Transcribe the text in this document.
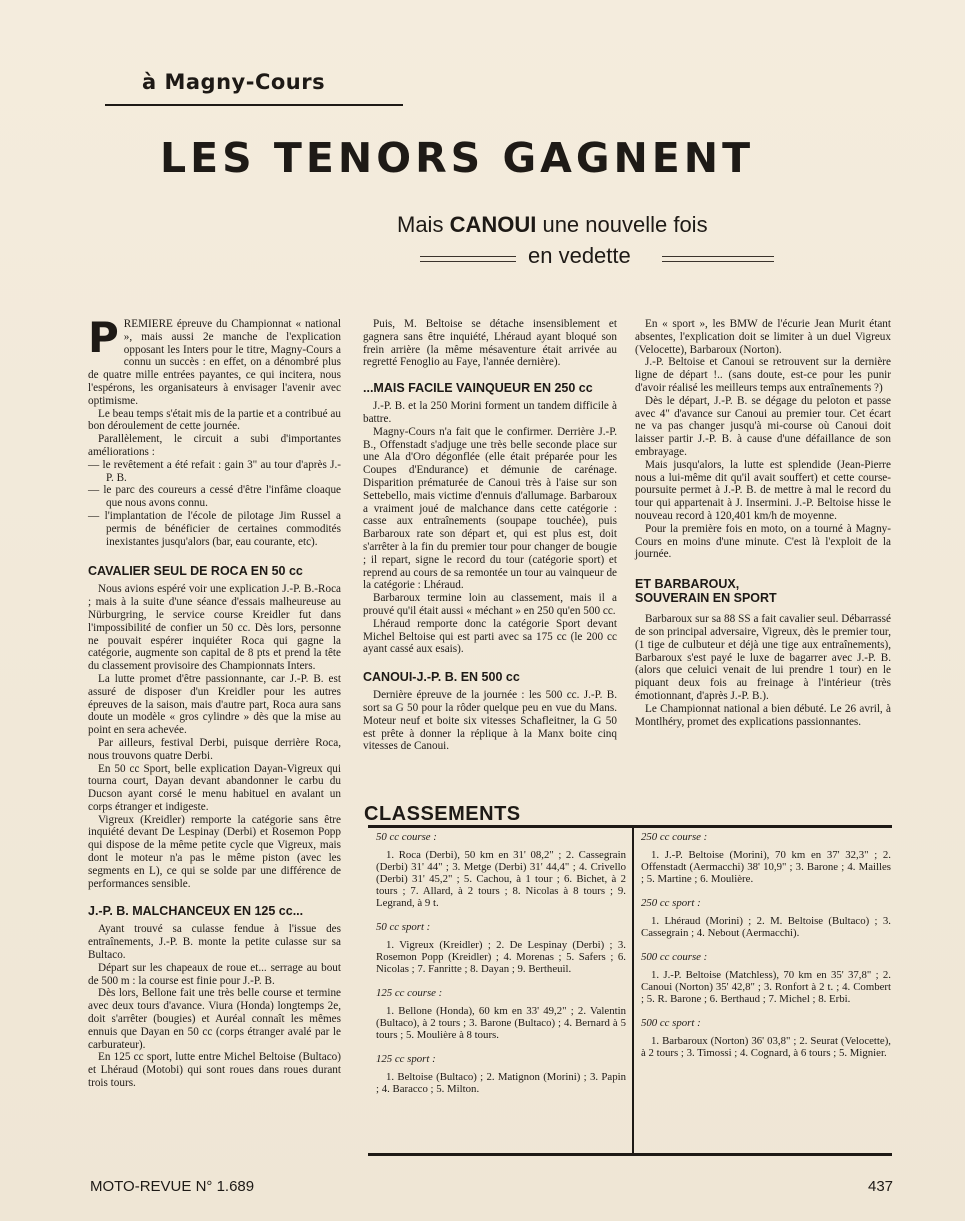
à Magny-Cours
LES TENORS GAGNENT
Mais CANOUI une nouvelle fois
en vedette

PREMIERE épreuve du Championnat « national », mais aussi 2e manche de l'explication opposant les Inters pour le titre, Magny-Cours a connu un succès : en effet, on a dénombré plus de quatre mille entrées payantes, ce qui incitera, nous l'espérons, les organisateurs à envisager l'avenir avec optimisme.

Le beau temps s'était mis de la partie et a contribué au bon déroulement de cette journée.

Parallèlement, le circuit a subi d'importantes améliorations :

— le revêtement a été refait : gain 3" au tour d'après J.-P. B.

— le parc des coureurs a cessé d'être l'infâme cloaque que nous avons connu.

— l'implantation de l'école de pilotage Jim Russel a permis de bénéficier de certaines commodités inexistantes jusqu'alors (bar, eau courante, etc).

CAVALIER SEUL DE ROCA EN 50 cc

Nous avions espéré voir une explication J.-P. B.-Roca ; mais à la suite d'une séance d'essais malheureuse au Nürburgring, le service course Kreidler fut dans l'impossibilité de confier un 50 cc. Dès lors, personne ne pouvait espérer inquiéter Roca qui gagne la catégorie, augmente son capital de 8 pts et prend la tête du classement provisoire des Championnats Inters.

La lutte promet d'être passionnante, car J.-P. B. est assuré de disposer d'un Kreidler pour les autres épreuves de la saison, mais d'autre part, Roca aura sans doute un modèle « gros cylindre » dès que la mise au point en sera achevée.

Par ailleurs, festival Derbi, puisque derrière Roca, nous trouvons quatre Derbi.

En 50 cc Sport, belle explication Dayan-Vigreux qui tourna court, Dayan devant abandonner le carbu du Ducson ayant corsé le menu habituel en avalant un corps étranger et indigeste.

Vigreux (Kreidler) remporte la catégorie sans être inquiété devant De Lespinay (Derbi) et Rosemon Popp qui dispose de la même petite cycle que Vigreux, mais dont le moteur n'a pas le même piston (avec les segments en L), ce qui se solde par une différence de performances sensible.

J.-P. B. MALCHANCEUX EN 125 cc...

Ayant trouvé sa culasse fendue à l'issue des entraînements, J.-P. B. monte la petite culasse sur sa Bultaco.

Départ sur les chapeaux de roue et... serrage au bout de 500 m : la course est finie pour J.-P. B.

Dès lors, Bellone fait une très belle course et termine avec deux tours d'avance. Viura (Honda) longtemps 2e, doit s'arrêter (bougies) et Auréal connaît les mêmes ennuis que Dayan en 50 cc (corps étranger avalé par le carburateur).

En 125 cc sport, lutte entre Michel Beltoise (Bultaco) et Lhéraud (Motobi) qui sont roues dans roues durant trois tours.

Puis, M. Beltoise se détache insensiblement et gagnera sans être inquiété, Lhéraud ayant bloqué son frein arrière (la même mésaventure était arrivée au regretté Fenoglio au Faye, l'année dernière).

...MAIS FACILE VAINQUEUR EN 250 cc

J.-P. B. et la 250 Morini forment un tandem difficile à battre.

Magny-Cours n'a fait que le confirmer. Derrière J.-P. B., Offenstadt s'adjuge une très belle seconde place sur une Ala d'Oro dégonflée (elle était préparée pour les Coupes d'Endurance) et démunie de carénage. Disparition prématurée de Canoui très à l'aise sur son Settebello, mais victime d'ennuis d'allumage. Barbaroux a vraiment joué de malchance dans cette catégorie : casse aux entraînements (soupape touchée), puis Barbaroux rate son départ et, qui est plus est, doit s'arrêter à la fin du premier tour pour changer de bougie ; il repart, signe le record du tour (catégorie sport) et reprend au cours de sa remontée un tour au vainqueur de la catégorie : Lhéraud.

Barbaroux termine loin au classement, mais il a prouvé qu'il était aussi « méchant » en 250 qu'en 500 cc.

Lhéraud remporte donc la catégorie Sport devant Michel Beltoise qui est parti avec sa 175 cc (le 200 cc ayant cassé aux esais).

CANOUI-J.-P. B. EN 500 cc

Dernière épreuve de la journée : les 500 cc. J.-P. B. sort sa G 50 pour la rôder quelque peu en vue du Mans. Moteur neuf et boite six vitesses Schafleitner, la G 50 est prête à donner la réplique à la Manx boite cinq vitesses de Canoui.

En « sport », les BMW de l'écurie Jean Murit étant absentes, l'explication doit se limiter à un duel Vigreux (Velocette), Barbaroux (Norton).

J.-P. Beltoise et Canoui se retrouvent sur la dernière ligne de départ !.. (sans doute, est-ce pour les punir d'avoir réalisé les meilleurs temps aux entraînements ?)

Dès le départ, J.-P. B. se dégage du peloton et passe avec 4" d'avance sur Canoui au premier tour. Cet écart ne va pas changer jusqu'à mi-course où Canoui doit laisser partir J.-P. B. à cause d'une défaillance de son embrayage.

Mais jusqu'alors, la lutte est splendide (Jean-Pierre nous a lui-même dit qu'il avait souffert) et cette course-poursuite permet à J.-P. B. de mettre à mal le record du tour qui appartenait à J. Insermini. J.-P. Beltoise hisse le nouveau record à 120,401 km/h de moyenne.

Pour la première fois en moto, on a tourné à Magny-Cours en moins d'une minute. C'est là l'exploit de la journée.

ET BARBAROUX,
SOUVERAIN EN SPORT

Barbaroux sur sa 88 SS a fait cavalier seul. Débarrassé de son principal adversaire, Vigreux, dès le premier tour, (1 tige de culbuteur et déjà une tige aux entraînements), Barbaroux s'est payé le luxe de bagarrer avec J.-P. B. (alors que celuici venait de lui prendre 1 tour) en le piquant deux fois au freinage à l'intérieur (très émotionnant, d'après J.-P. B.).

Le Championnat national a bien débuté. Le 26 avril, à Montlhéry, promet des explications passionnantes.

CLASSEMENTS

50 cc course :

1. Roca (Derbi), 50 km en 31' 08,2" ; 2. Cassegrain (Derbi) 31' 44" ; 3. Metge (Derbi) 31' 44,4" ; 4. Crivello (Derbi) 31' 45,2" ; 5. Cachou, à 1 tour ; 6. Bichet, à 2 tours ; 7. Allard, à 2 tours ; 8. Nicolas à 8 tours ; 9. Legrand, à 9 t.

50 cc sport :

1. Vigreux (Kreidler) ; 2. De Lespinay (Derbi) ; 3. Rosemon Popp (Kreidler) ; 4. Morenas ; 5. Safers ; 6. Nicolas ; 7. Fanritte ; 8. Dayan ; 9. Bertheuil.

125 cc course :

1. Bellone (Honda), 60 km en 33' 49,2" ; 2. Valentin (Bultaco), à 2 tours ; 3. Barone (Bultaco) ; 4. Bernard à 5 tours ; 5. Moulière à 8 tours.

125 cc sport :

1. Beltoise (Bultaco) ; 2. Matignon (Morini) ; 3. Papin ; 4. Baracco ; 5. Milton.

250 cc course :

1. J.-P. Beltoise (Morini), 70 km en 37' 32,3" ; 2. Offenstadt (Aermacchi) 38' 10,9" ; 3. Barone ; 4. Mailles ; 5. Martine ; 6. Moulière.

250 cc sport :

1. Lhéraud (Morini) ; 2. M. Beltoise (Bultaco) ; 3. Cassegrain ; 4. Nebout (Aermacchi).

500 cc course :

1. J.-P. Beltoise (Matchless), 70 km en 35' 37,8" ; 2. Canoui (Norton) 35' 42,8" ; 3. Ronfort à 2 t. ; 4. Combert ; 5. R. Barone ; 6. Berthaud ; 7. Michel ; 8. Erbi.

500 cc sport :

1. Barbaroux (Norton) 36' 03,8" ; 2. Seurat (Velocette), à 2 tours ; 3. Timossi ; 4. Cognard, à 6 tours ; 5. Mignier.

MOTO-REVUE N° 1.689	437
